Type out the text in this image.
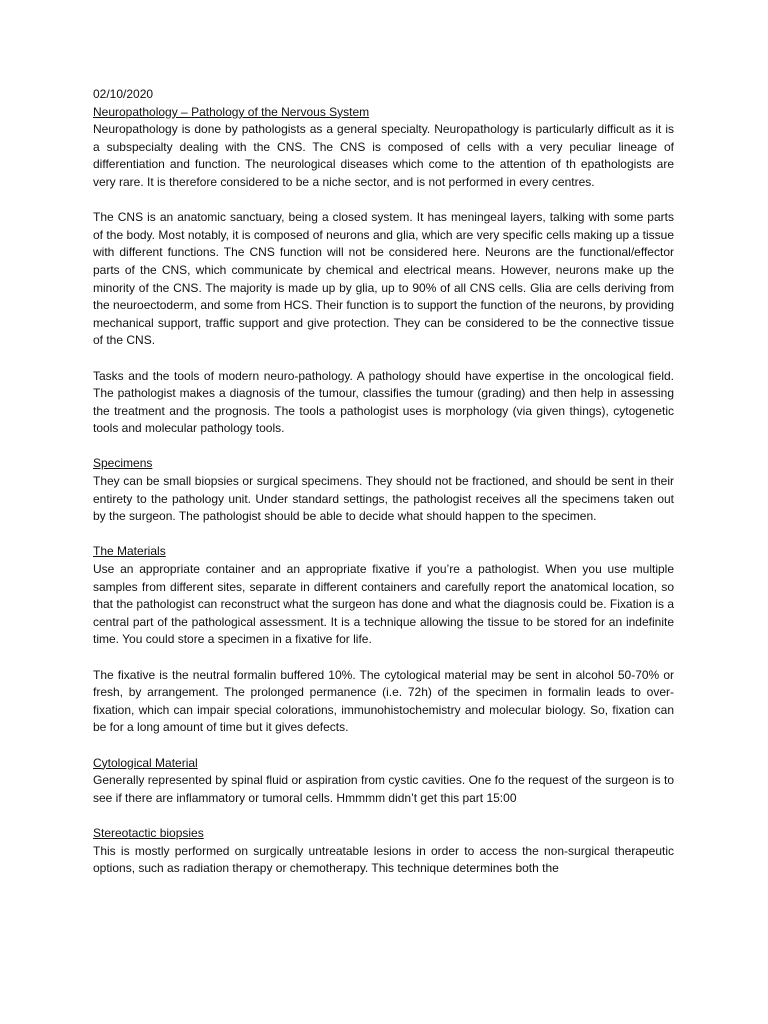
02/10/2020
Neuropathology – Pathology of the Nervous System

Neuropathology is done by pathologists as a general specialty. Neuropathology is particularly difficult as it is a subspecialty dealing with the CNS. The CNS is composed of cells with a very peculiar lineage of differentiation and function. The neurological diseases which come to the attention of th epathologists are very rare. It is therefore considered to be a niche sector, and is not performed in every centres.

The CNS is an anatomic sanctuary, being a closed system. It has meningeal layers, talking with some parts of the body. Most notably, it is composed of neurons and glia, which are very specific cells making up a tissue with different functions. The CNS function will not be considered here. Neurons are the functional/effector parts of the CNS, which communicate by chemical and electrical means. However, neurons make up the minority of the CNS. The majority is made up by glia, up to 90% of all CNS cells. Glia are cells deriving from the neuroectoderm, and some from HCS. Their function is to support the function of the neurons, by providing mechanical support, traffic support and give protection. They can be considered to be the connective tissue of the CNS.

Tasks and the tools of modern neuro-pathology. A pathology should have expertise in the oncological field. The pathologist makes a diagnosis of the tumour, classifies the tumour (grading) and then help in assessing the treatment and the prognosis. The tools a pathologist uses is morphology (via given things), cytogenetic tools and molecular pathology tools.

Specimens

They can be small biopsies or surgical specimens. They should not be fractioned, and should be sent in their entirety to the pathology unit. Under standard settings, the pathologist receives all the specimens taken out by the surgeon. The pathologist should be able to decide what should happen to the specimen.

The Materials

Use an appropriate container and an appropriate fixative if you’re a pathologist. When you use multiple samples from different sites, separate in different containers and carefully report the anatomical location, so that the pathologist can reconstruct what the surgeon has done and what the diagnosis could be. Fixation is a central part of the pathological assessment. It is a technique allowing the tissue to be stored for an indefinite time. You could store a specimen in a fixative for life.

The fixative is the neutral formalin buffered 10%. The cytological material may be sent in alcohol 50-70% or fresh, by arrangement. The prolonged permanence (i.e. 72h) of the specimen in formalin leads to over-fixation, which can impair special colorations, immunohistochemistry and molecular biology. So, fixation can be for a long amount of time but it gives defects.

Cytological Material

Generally represented by spinal fluid or aspiration from cystic cavities. One fo the request of the surgeon is to see if there are inflammatory or tumoral cells. Hmmmm didn’t get this part 15:00

Stereotactic biopsies

This is mostly performed on surgically untreatable lesions in order to access the non-surgical therapeutic options, such as radiation therapy or chemotherapy. This technique determines both the
